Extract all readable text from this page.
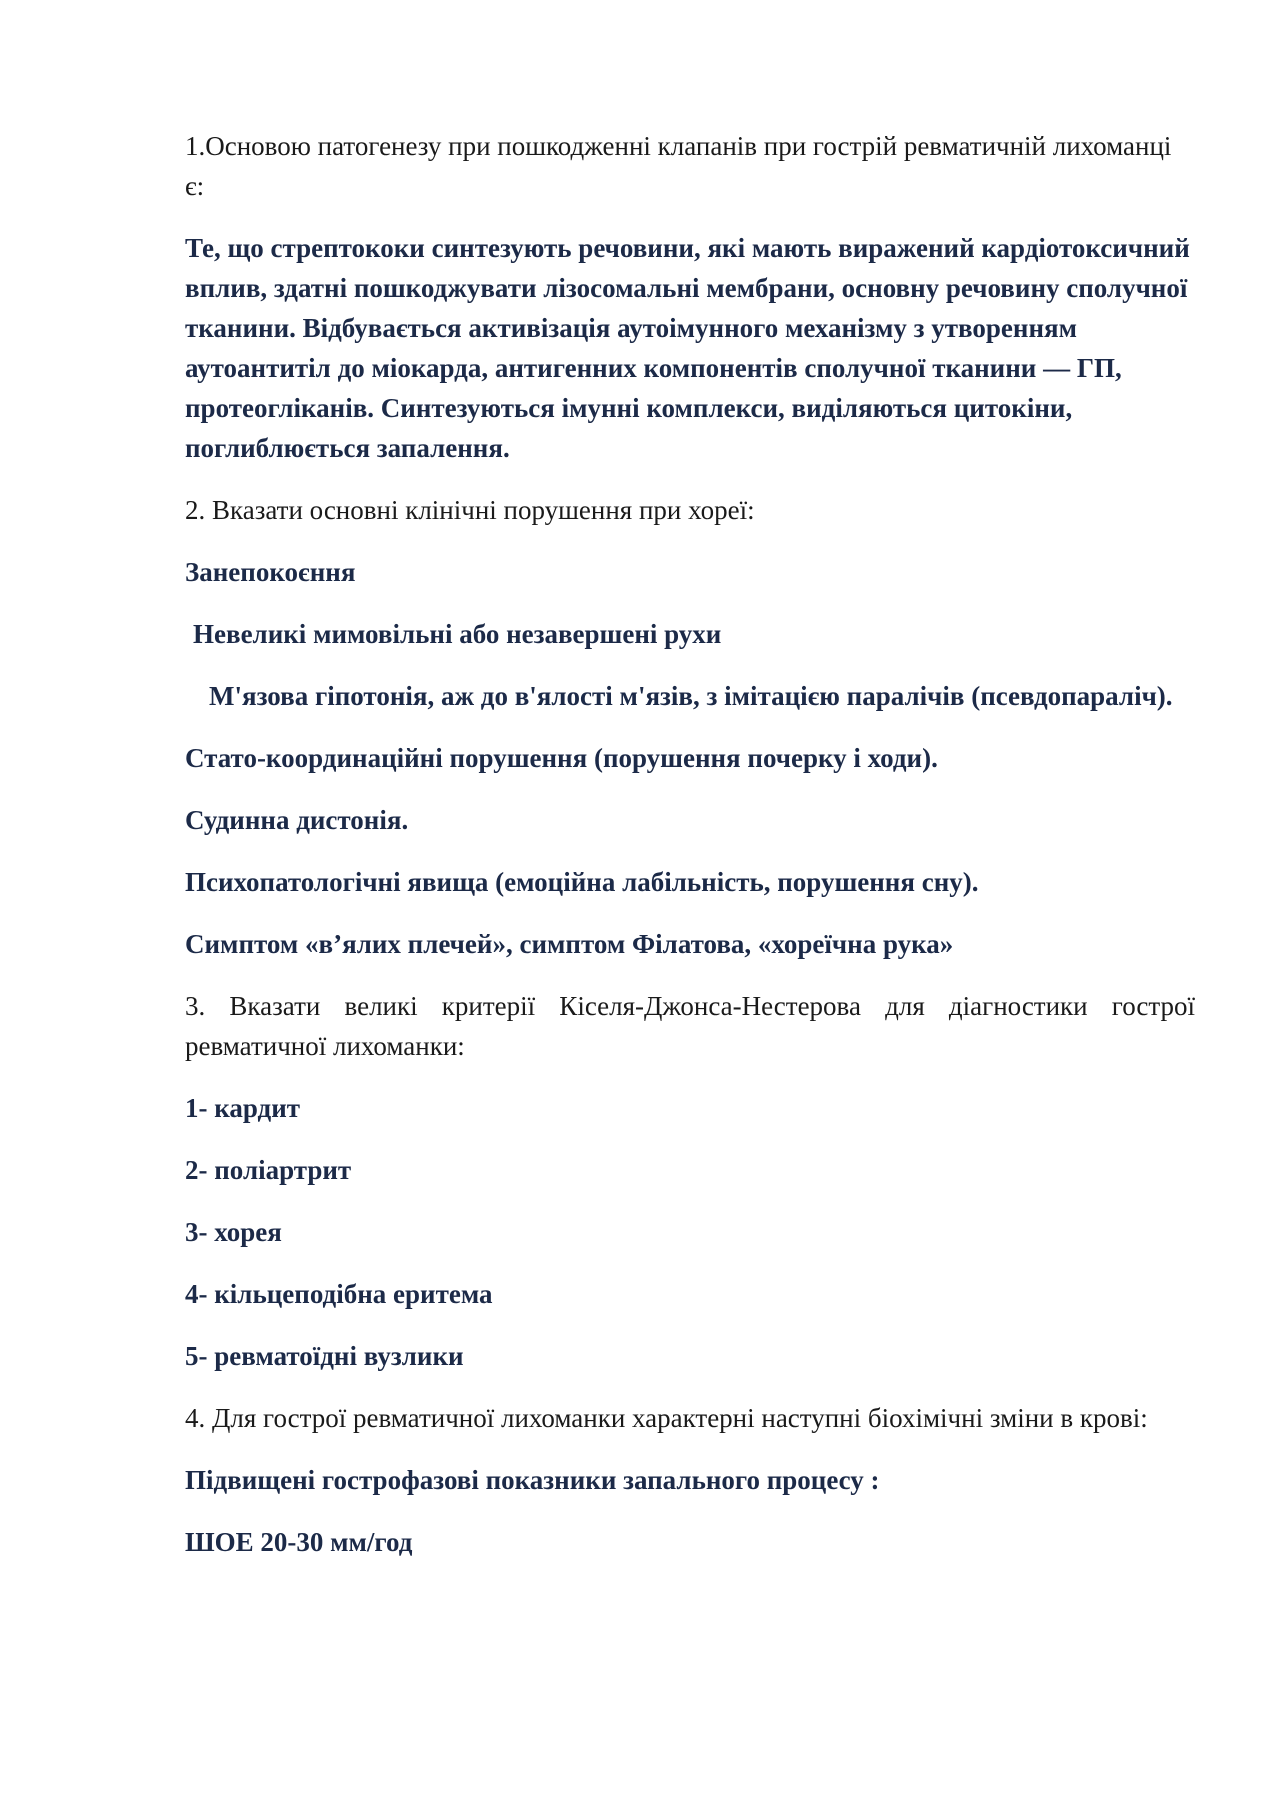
1.Основою патогенезу при пошкодженні клапанів при гострій ревматичній лихоманці є:

Те, що стрептококи синтезують речовини, які мають виражений кардіотоксичний вплив, здатні пошкоджувати лізосомальні мембрани, основну речовину сполучної тканини. Відбувається активізація аутоімунного механізму з утворенням аутоантитіл до міокарда, антигенних компонентів сполучної тканини — ГП, протеогліканів. Синтезуються імунні комплекси, виділяються цитокіни, поглиблюється запалення.

2. Вказати основні клінічні порушення при хореї:

Занепокоєння

Невеликі мимовільні або незавершені рухи

М'язова гіпотонія, аж до в'ялості м'язів, з імітацією паралічів (псевдопараліч).

Стато-координаційні порушення (порушення почерку і ходи).

Судинна дистонія.

Психопатологічні явища (емоційна лабільність, порушення сну).

Симптом «в’ялих плечей», симптом Філатова, «хореїчна рука»

3. Вказати великі критерії Кіселя-Джонса-Нестерова для діагностики гострої ревматичної лихоманки:

1- кардит

2- поліартрит

3- хорея

4- кільцеподібна еритема

5- ревматоїдні вузлики

4. Для гострої ревматичної лихоманки характерні наступні біохімічні зміни в крові:

Підвищені гострофазові показники запального процесу :

ШОЕ 20-30 мм/год
